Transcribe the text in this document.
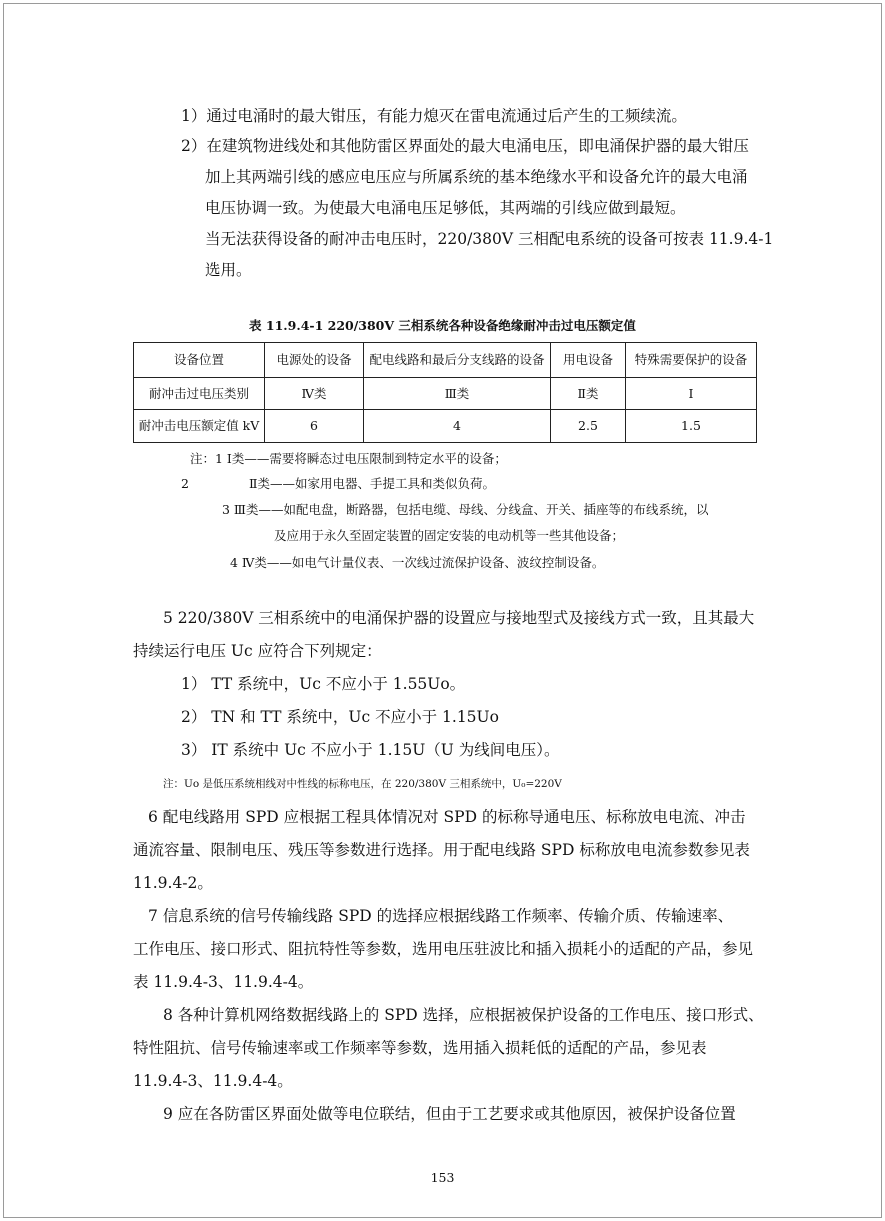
1）通过电涌时的最大钳压，有能力熄灭在雷电流通过后产生的工频续流。

2）在建筑物进线处和其他防雷区界面处的最大电涌电压，即电涌保护器的最大钳压

加上其两端引线的感应电压应与所属系统的基本绝缘水平和设备允许的最大电涌

电压协调一致。为使最大电涌电压足够低，其两端的引线应做到最短。

当无法获得设备的耐冲击电压时，220/380V 三相配电系统的设备可按表 11.9.4-1

选用。

表 11.9.4-1 220/380V 三相系统各种设备绝缘耐冲击过电压额定值

设备位置	电源处的设备	配电线路和最后分支线路的设备	用电设备	特殊需要保护的设备
耐冲击过电压类别	Ⅳ类	Ⅲ类	Ⅱ类	Ⅰ
耐冲击电压额定值 kV	6	4	2.5	1.5

注：1 Ⅰ类——需要将瞬态过电压限制到特定水平的设备；

2	Ⅱ类——如家用电器、手提工具和类似负荷。

3 Ⅲ类——如配电盘，断路器，包括电缆、母线、分线盒、开关、插座等的布线系统，以

及应用于永久至固定装置的固定安装的电动机等一些其他设备；

4 Ⅳ类——如电气计量仪表、一次线过流保护设备、波纹控制设备。

5 220/380V 三相系统中的电涌保护器的设置应与接地型式及接线方式一致，且其最大

持续运行电压 Uc 应符合下列规定：

1） TT 系统中，Uc 不应小于 1.55Uo。

2） TN 和 TT 系统中，Uc 不应小于 1.15Uo

3） IT 系统中 Uc 不应小于 1.15U（U 为线间电压）。

注：Uo 是低压系统相线对中性线的标称电压，在 220/380V 三相系统中，U₀=220V

6 配电线路用 SPD 应根据工程具体情况对 SPD 的标称导通电压、标称放电电流、冲击

通流容量、限制电压、残压等参数进行选择。用于配电线路 SPD 标称放电电流参数参见表

11.9.4-2。

7 信息系统的信号传输线路 SPD 的选择应根据线路工作频率、传输介质、传输速率、

工作电压、接口形式、阻抗特性等参数，选用电压驻波比和插入损耗小的适配的产品，参见

表 11.9.4-3、11.9.4-4。

8 各种计算机网络数据线路上的 SPD 选择，应根据被保护设备的工作电压、接口形式、

特性阻抗、信号传输速率或工作频率等参数，选用插入损耗低的适配的产品，参见表

11.9.4-3、11.9.4-4。

9 应在各防雷区界面处做等电位联结，但由于工艺要求或其他原因，被保护设备位置

153
